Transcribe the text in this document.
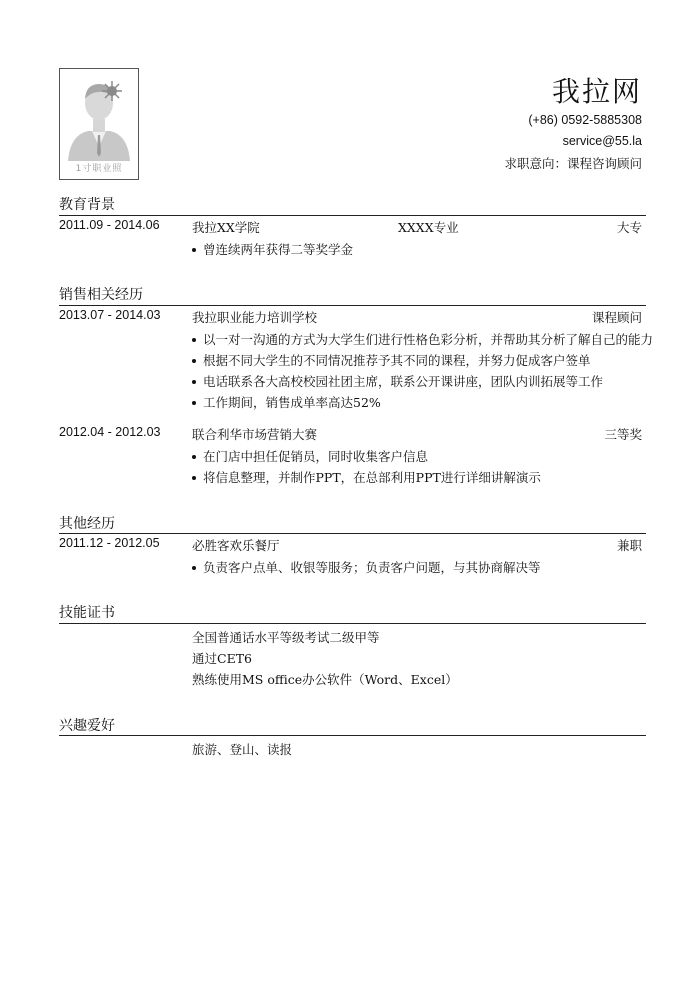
1寸职业照
我拉网
(+86) 0592-5885308
service@55.la
求职意向：课程咨询顾问
教育背景
2011.09 - 2014.06	我拉XX学院	XXXX专业	大专
曾连续两年获得二等奖学金
销售相关经历
2013.07 - 2014.03	我拉职业能力培训学校	课程顾问
以一对一沟通的方式为大学生们进行性格色彩分析，并帮助其分析了解自己的能力
根据不同大学生的不同情况推荐予其不同的课程，并努力促成客户签单
电话联系各大高校校园社团主席，联系公开课讲座，团队内训拓展等工作
工作期间，销售成单率高达52%
2012.04 - 2012.03	联合利华市场营销大赛	三等奖
在门店中担任促销员，同时收集客户信息
将信息整理，并制作PPT，在总部利用PPT进行详细讲解演示
其他经历
2011.12 - 2012.05	必胜客欢乐餐厅	兼职
负责客户点单、收银等服务；负责客户问题，与其协商解决等
技能证书
全国普通话水平等级考试二级甲等
通过CET6
熟练使用MS office办公软件（Word、Excel）
兴趣爱好
旅游、登山、读报
